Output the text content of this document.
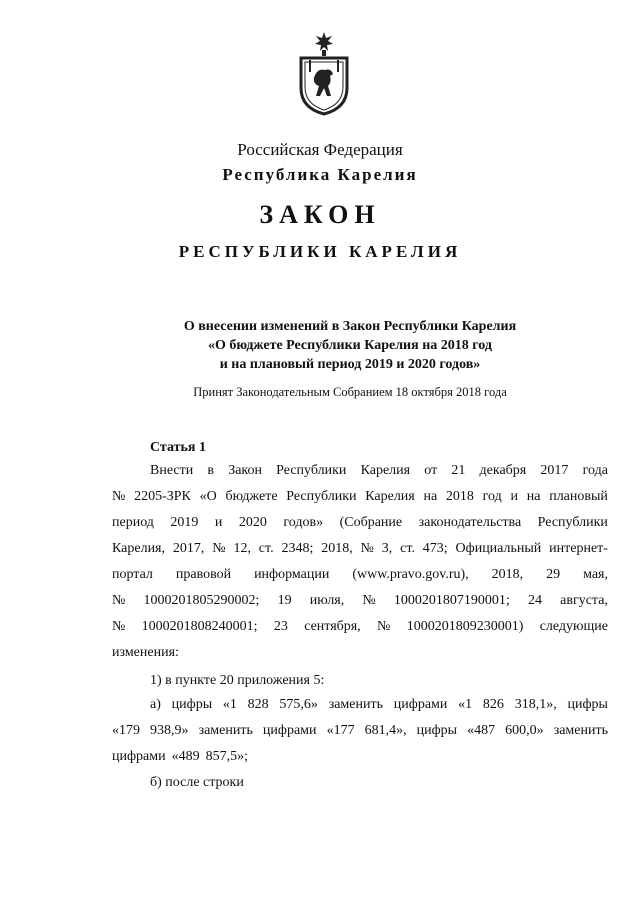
Российская Федерация
Республика Карелия
ЗАКОН
РЕСПУБЛИКИ КАРЕЛИЯ
О внесении изменений в Закон Республики Карелия
«О бюджете Республики Карелия на 2018 год
и на плановый период 2019 и 2020 годов»
Принят Законодательным Собранием 18 октября 2018 года
Статья 1
Внести в Закон Республики Карелия от 21 декабря 2017 года
№ 2205-ЗРК «О бюджете Республики Карелия на 2018 год и на плановый
период 2019 и 2020 годов» (Собрание законодательства Республики
Карелия, 2017, № 12, ст. 2348; 2018, № 3, ст. 473; Официальный интернет-
портал правовой информации (www.pravo.gov.ru), 2018, 29 мая,
№ 1000201805290002; 19 июля, № 1000201807190001; 24 августа,
№ 1000201808240001; 23 сентября, № 1000201809230001) следующие
изменения:
1) в пункте 20 приложения 5:
а) цифры «1 828 575,6» заменить цифрами «1 826 318,1», цифры
«179 938,9» заменить цифрами «177 681,4», цифры «487 600,0» заменить
цифрами «489 857,5»;
б) после строки
